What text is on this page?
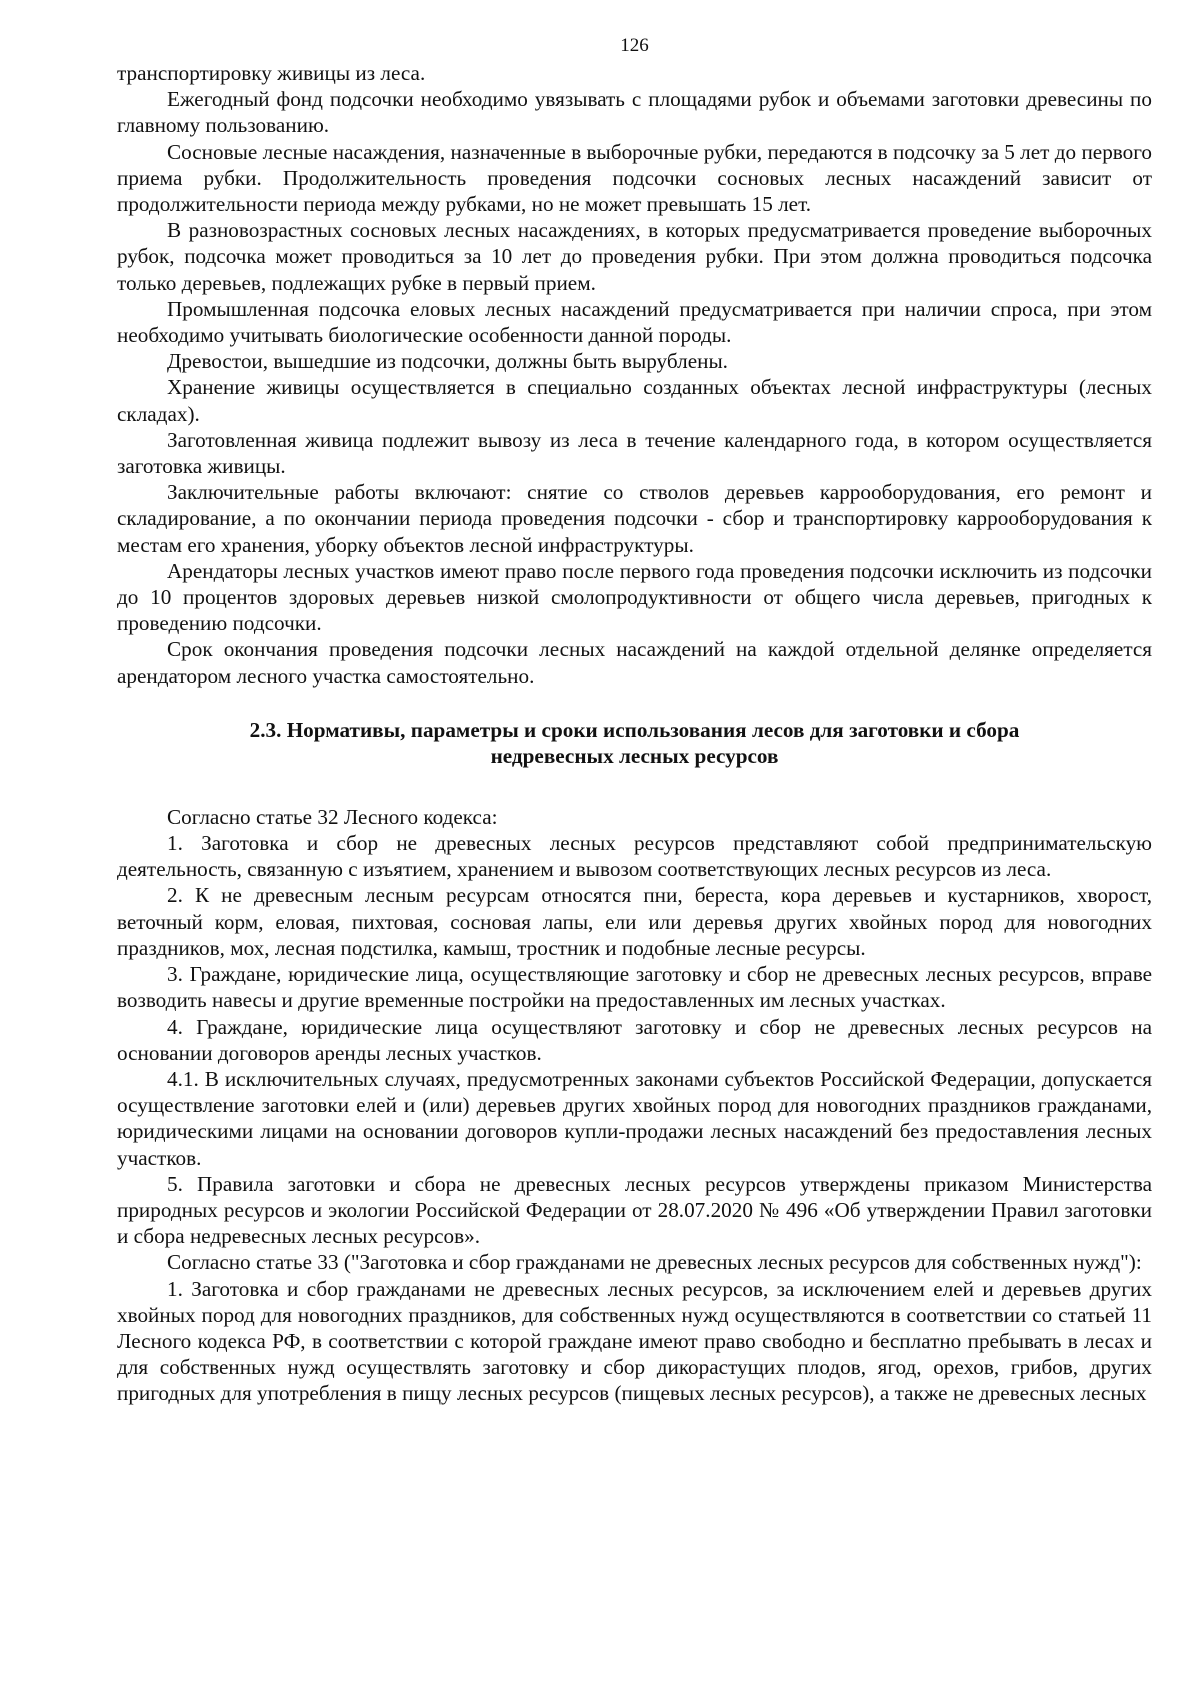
126

транспортировку живицы из леса.

Ежегодный фонд подсочки необходимо увязывать с площадями рубок и объемами заготовки древесины по главному пользованию.

Сосновые лесные насаждения, назначенные в выборочные рубки, передаются в подсочку за 5 лет до первого приема рубки. Продолжительность проведения подсочки сосновых лесных насаждений зависит от продолжительности периода между рубками, но не может превышать 15 лет.

В разновозрастных сосновых лесных насаждениях, в которых предусматривается проведение выборочных рубок, подсочка может проводиться за 10 лет до проведения рубки. При этом должна проводиться подсочка только деревьев, подлежащих рубке в первый прием.

Промышленная подсочка еловых лесных насаждений предусматривается при наличии спроса, при этом необходимо учитывать биологические особенности данной породы.

Древостои, вышедшие из подсочки, должны быть вырублены.

Хранение живицы осуществляется в специально созданных объектах лесной инфраструктуры (лесных складах).

Заготовленная живица подлежит вывозу из леса в течение календарного года, в котором осуществляется заготовка живицы.

Заключительные работы включают: снятие со стволов деревьев каррооборудования, его ремонт и складирование, а по окончании периода проведения подсочки - сбор и транспортировку каррооборудования к местам его хранения, уборку объектов лесной инфраструктуры.

Арендаторы лесных участков имеют право после первого года проведения подсочки исключить из подсочки до 10 процентов здоровых деревьев низкой смолопродуктивности от общего числа деревьев, пригодных к проведению подсочки.

Срок окончания проведения подсочки лесных насаждений на каждой отдельной делянке определяется арендатором лесного участка самостоятельно.

2.3. Нормативы, параметры и сроки использования лесов для заготовки и сбора
недревесных лесных ресурсов

Согласно статье 32 Лесного кодекса:

1. Заготовка и сбор не древесных лесных ресурсов представляют собой предпринимательскую деятельность, связанную с изъятием, хранением и вывозом соответствующих лесных ресурсов из леса.

2. К не древесным лесным ресурсам относятся пни, береста, кора деревьев и кустарников, хворост, веточный корм, еловая, пихтовая, сосновая лапы, ели или деревья других хвойных пород для новогодних праздников, мох, лесная подстилка, камыш, тростник и подобные лесные ресурсы.

3. Граждане, юридические лица, осуществляющие заготовку и сбор не древесных лесных ресурсов, вправе возводить навесы и другие временные постройки на предоставленных им лесных участках.

4. Граждане, юридические лица осуществляют заготовку и сбор не древесных лесных ресурсов на основании договоров аренды лесных участков.

4.1. В исключительных случаях, предусмотренных законами субъектов Российской Федерации, допускается осуществление заготовки елей и (или) деревьев других хвойных пород для новогодних праздников гражданами, юридическими лицами на основании договоров купли-продажи лесных насаждений без предоставления лесных участков.

5. Правила заготовки и сбора не древесных лесных ресурсов утверждены приказом Министерства природных ресурсов и экологии Российской Федерации от 28.07.2020 № 496 «Об утверждении Правил заготовки и сбора недревесных лесных ресурсов».

Согласно статье 33 ("Заготовка и сбор гражданами не древесных лесных ресурсов для собственных нужд"):

1. Заготовка и сбор гражданами не древесных лесных ресурсов, за исключением елей и деревьев других хвойных пород для новогодних праздников, для собственных нужд осуществляются в соответствии со статьей 11 Лесного кодекса РФ, в соответствии с которой граждане имеют право свободно и бесплатно пребывать в лесах и для собственных нужд осуществлять заготовку и сбор дикорастущих плодов, ягод, орехов, грибов, других пригодных для употребления в пищу лесных ресурсов (пищевых лесных ресурсов), а также не древесных лесных
